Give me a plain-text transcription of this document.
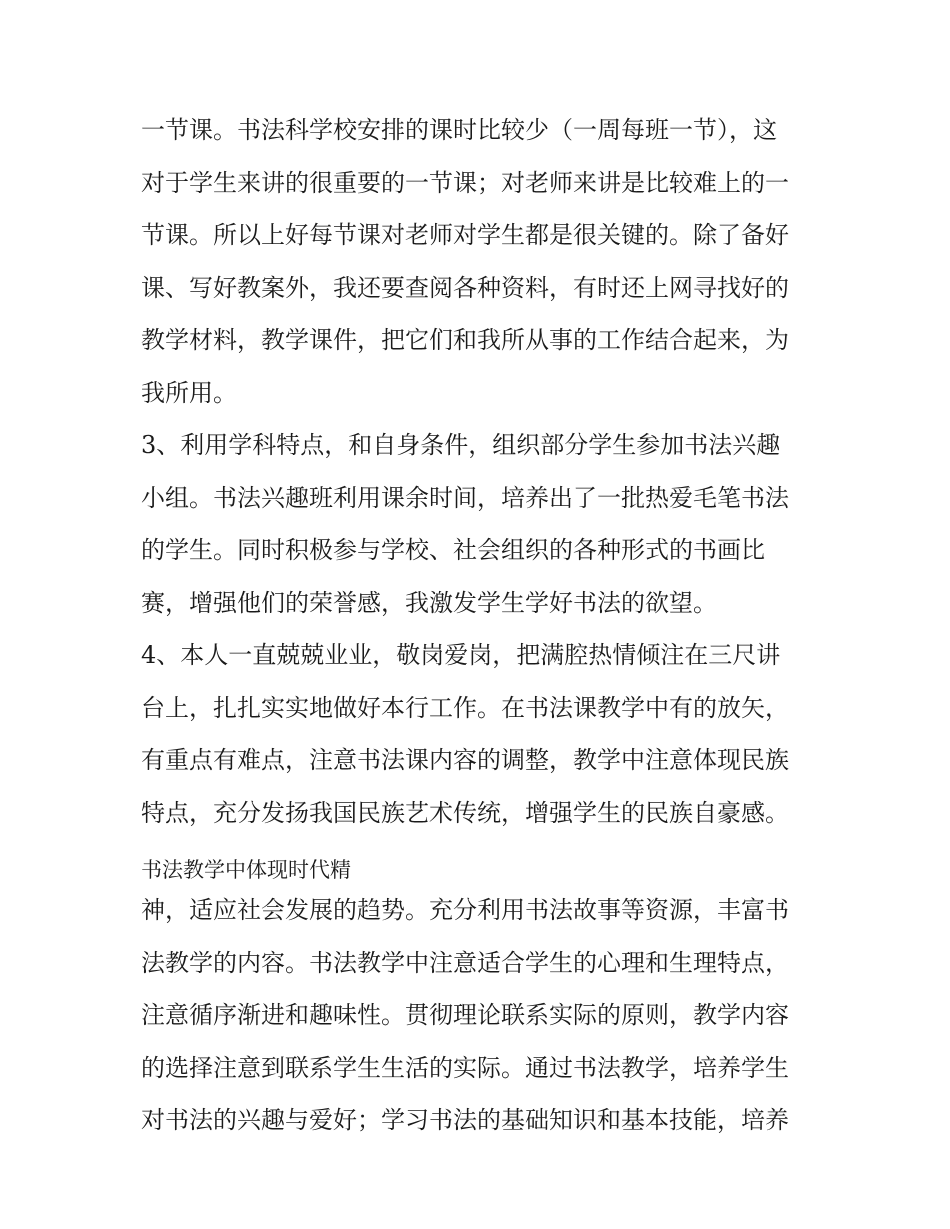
一节课。书法科学校安排的课时比较少（一周每班一节），这
对于学生来讲的很重要的一节课；对老师来讲是比较难上的一
节课。所以上好每节课对老师对学生都是很关键的。除了备好
课、写好教案外，我还要查阅各种资料，有时还上网寻找好的
教学材料，教学课件，把它们和我所从事的工作结合起来，为
我所用。
3、利用学科特点，和自身条件，组织部分学生参加书法兴趣
小组。书法兴趣班利用课余时间，培养出了一批热爱毛笔书法
的学生。同时积极参与学校、社会组织的各种形式的书画比
赛，增强他们的荣誉感，我激发学生学好书法的欲望。
4、本人一直兢兢业业，敬岗爱岗，把满腔热情倾注在三尺讲
台上，扎扎实实地做好本行工作。在书法课教学中有的放矢，
有重点有难点，注意书法课内容的调整，教学中注意体现民族
特点，充分发扬我国民族艺术传统，增强学生的民族自豪感。
书法教学中体现时代精
神，适应社会发展的趋势。充分利用书法故事等资源，丰富书
法教学的内容。书法教学中注意适合学生的心理和生理特点，
注意循序渐进和趣味性。贯彻理论联系实际的原则，教学内容
的选择注意到联系学生生活的实际。通过书法教学，培养学生
对书法的兴趣与爱好；学习书法的基础知识和基本技能，培养
